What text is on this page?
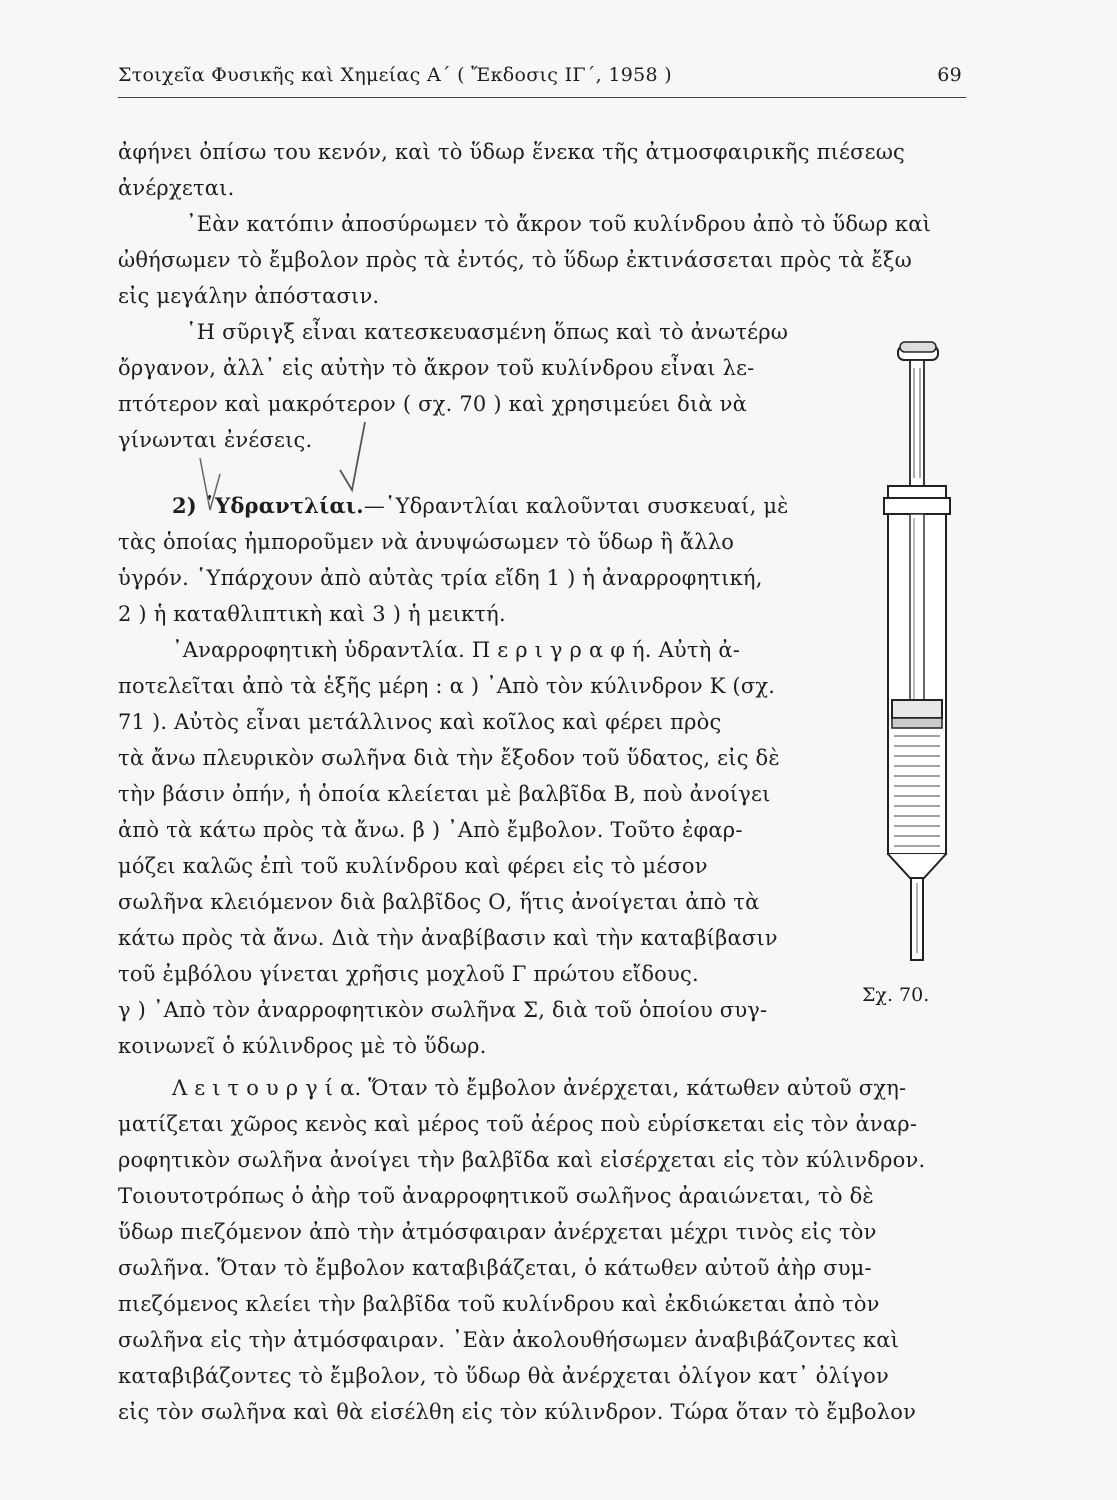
Στοιχεῖα Φυσικῆς καὶ Χημείας Α΄ ( Ἔκδοσις ΙΓ΄, 1958 )	69
ἀφήνει ὀπίσω του κενόν, καὶ τὸ ὕδωρ ἕνεκα τῆς ἀτμοσφαιρικῆς πιέσεως
ἀνέρχεται.
᾿Εὰν κατόπιν ἀποσύρωμεν τὸ ἄκρον τοῦ κυλίνδρου ἀπὸ τὸ ὕδωρ καὶ
ὠθήσωμεν τὸ ἔμβολον πρὸς τὰ ἐντός, τὸ ὕδωρ ἐκτινάσσεται πρὸς τὰ ἔξω
εἰς μεγάλην ἀπόστασιν.
῾Η σῦριγξ εἶναι κατεσκευασμένη ὅπως καὶ τὸ ἀνωτέρω
ὄργανον, ἀλλ᾿ εἰς αὐτὴν τὸ ἄκρον τοῦ κυλίνδρου εἶναι λε-
πτότερον καὶ μακρότερον ( σχ. 70 ) καὶ χρησιμεύει διὰ νὰ
γίνωνται ἐνέσεις.
2) ῾Υδραντλίαι.—῾Υδραντλίαι καλοῦνται συσκευαί, μὲ
τὰς ὁποίας ἠμποροῦμεν νὰ ἀνυψώσωμεν τὸ ὕδωρ ἢ ἄλλο
ὑγρόν. ῾Υπάρχουν ἀπὸ αὐτὰς τρία εἴδη 1 ) ἡ ἀναρροφητική,
2 ) ἡ καταθλιπτικὴ καὶ 3 ) ἡ μεικτή.
᾿Αναρροφητικὴ ὑδραντλία. Π ε ρ ι γ ρ α φ ή. Αὐτὴ ἀ-
ποτελεῖται ἀπὸ τὰ ἑξῆς μέρη : α ) ᾿Απὸ τὸν κύλινδρον Κ (σχ.
71 ). Αὐτὸς εἶναι μετάλλινος καὶ κοῖλος καὶ φέρει πρὸς
τὰ ἄνω πλευρικὸν σωλῆνα διὰ τὴν ἔξοδον τοῦ ὕδατος, εἰς δὲ
τὴν βάσιν ὀπήν, ἡ ὁποία κλείεται μὲ βαλβῖδα Β, ποὺ ἀνοίγει
ἀπὸ τὰ κάτω πρὸς τὰ ἄνω. β ) ᾿Απὸ ἔμβολον. Τοῦτο ἐφαρ-
μόζει καλῶς ἐπὶ τοῦ κυλίνδρου καὶ φέρει εἰς τὸ μέσον
σωλῆνα κλειόμενον διὰ βαλβῖδος Ο, ἥτις ἀνοίγεται ἀπὸ τὰ
κάτω πρὸς τὰ ἄνω. Διὰ τὴν ἀναβίβασιν καὶ τὴν καταβίβασιν
τοῦ ἐμβόλου γίνεται χρῆσις μοχλοῦ Γ πρώτου εἴδους.
γ ) ᾿Απὸ τὸν ἀναρροφητικὸν σωλῆνα Σ, διὰ τοῦ ὁποίου συγ-
κοινωνεῖ ὁ κύλινδρος μὲ τὸ ὕδωρ.
Λ ε ι τ ο υ ρ γ ί α. Ὅταν τὸ ἔμβολον ἀνέρχεται, κάτωθεν αὐτοῦ σχη-
ματίζεται χῶρος κενὸς καὶ μέρος τοῦ ἀέρος ποὺ εὑρίσκεται εἰς τὸν ἀναρ-
ροφητικὸν σωλῆνα ἀνοίγει τὴν βαλβῖδα καὶ εἰσέρχεται εἰς τὸν κύλινδρον.
Τοιουτοτρόπως ὁ ἀὴρ τοῦ ἀναρροφητικοῦ σωλῆνος ἀραιώνεται, τὸ δὲ
ὕδωρ πιεζόμενον ἀπὸ τὴν ἀτμόσφαιραν ἀνέρχεται μέχρι τινὸς εἰς τὸν
σωλῆνα. Ὅταν τὸ ἔμβολον καταβιβάζεται, ὁ κάτωθεν αὐτοῦ ἀὴρ συμ-
πιεζόμενος κλείει τὴν βαλβῖδα τοῦ κυλίνδρου καὶ ἐκδιώκεται ἀπὸ τὸν
σωλῆνα εἰς τὴν ἀτμόσφαιραν. ᾿Εὰν ἀκολουθήσωμεν ἀναβιβάζοντες καὶ
καταβιβάζοντες τὸ ἔμβολον, τὸ ὕδωρ θὰ ἀνέρχεται ὀλίγον κατ᾿ ὀλίγον
εἰς τὸν σωλῆνα καὶ θὰ εἰσέλθη εἰς τὸν κύλινδρον. Τώρα ὅταν τὸ ἔμβολον
Σχ. 70.
